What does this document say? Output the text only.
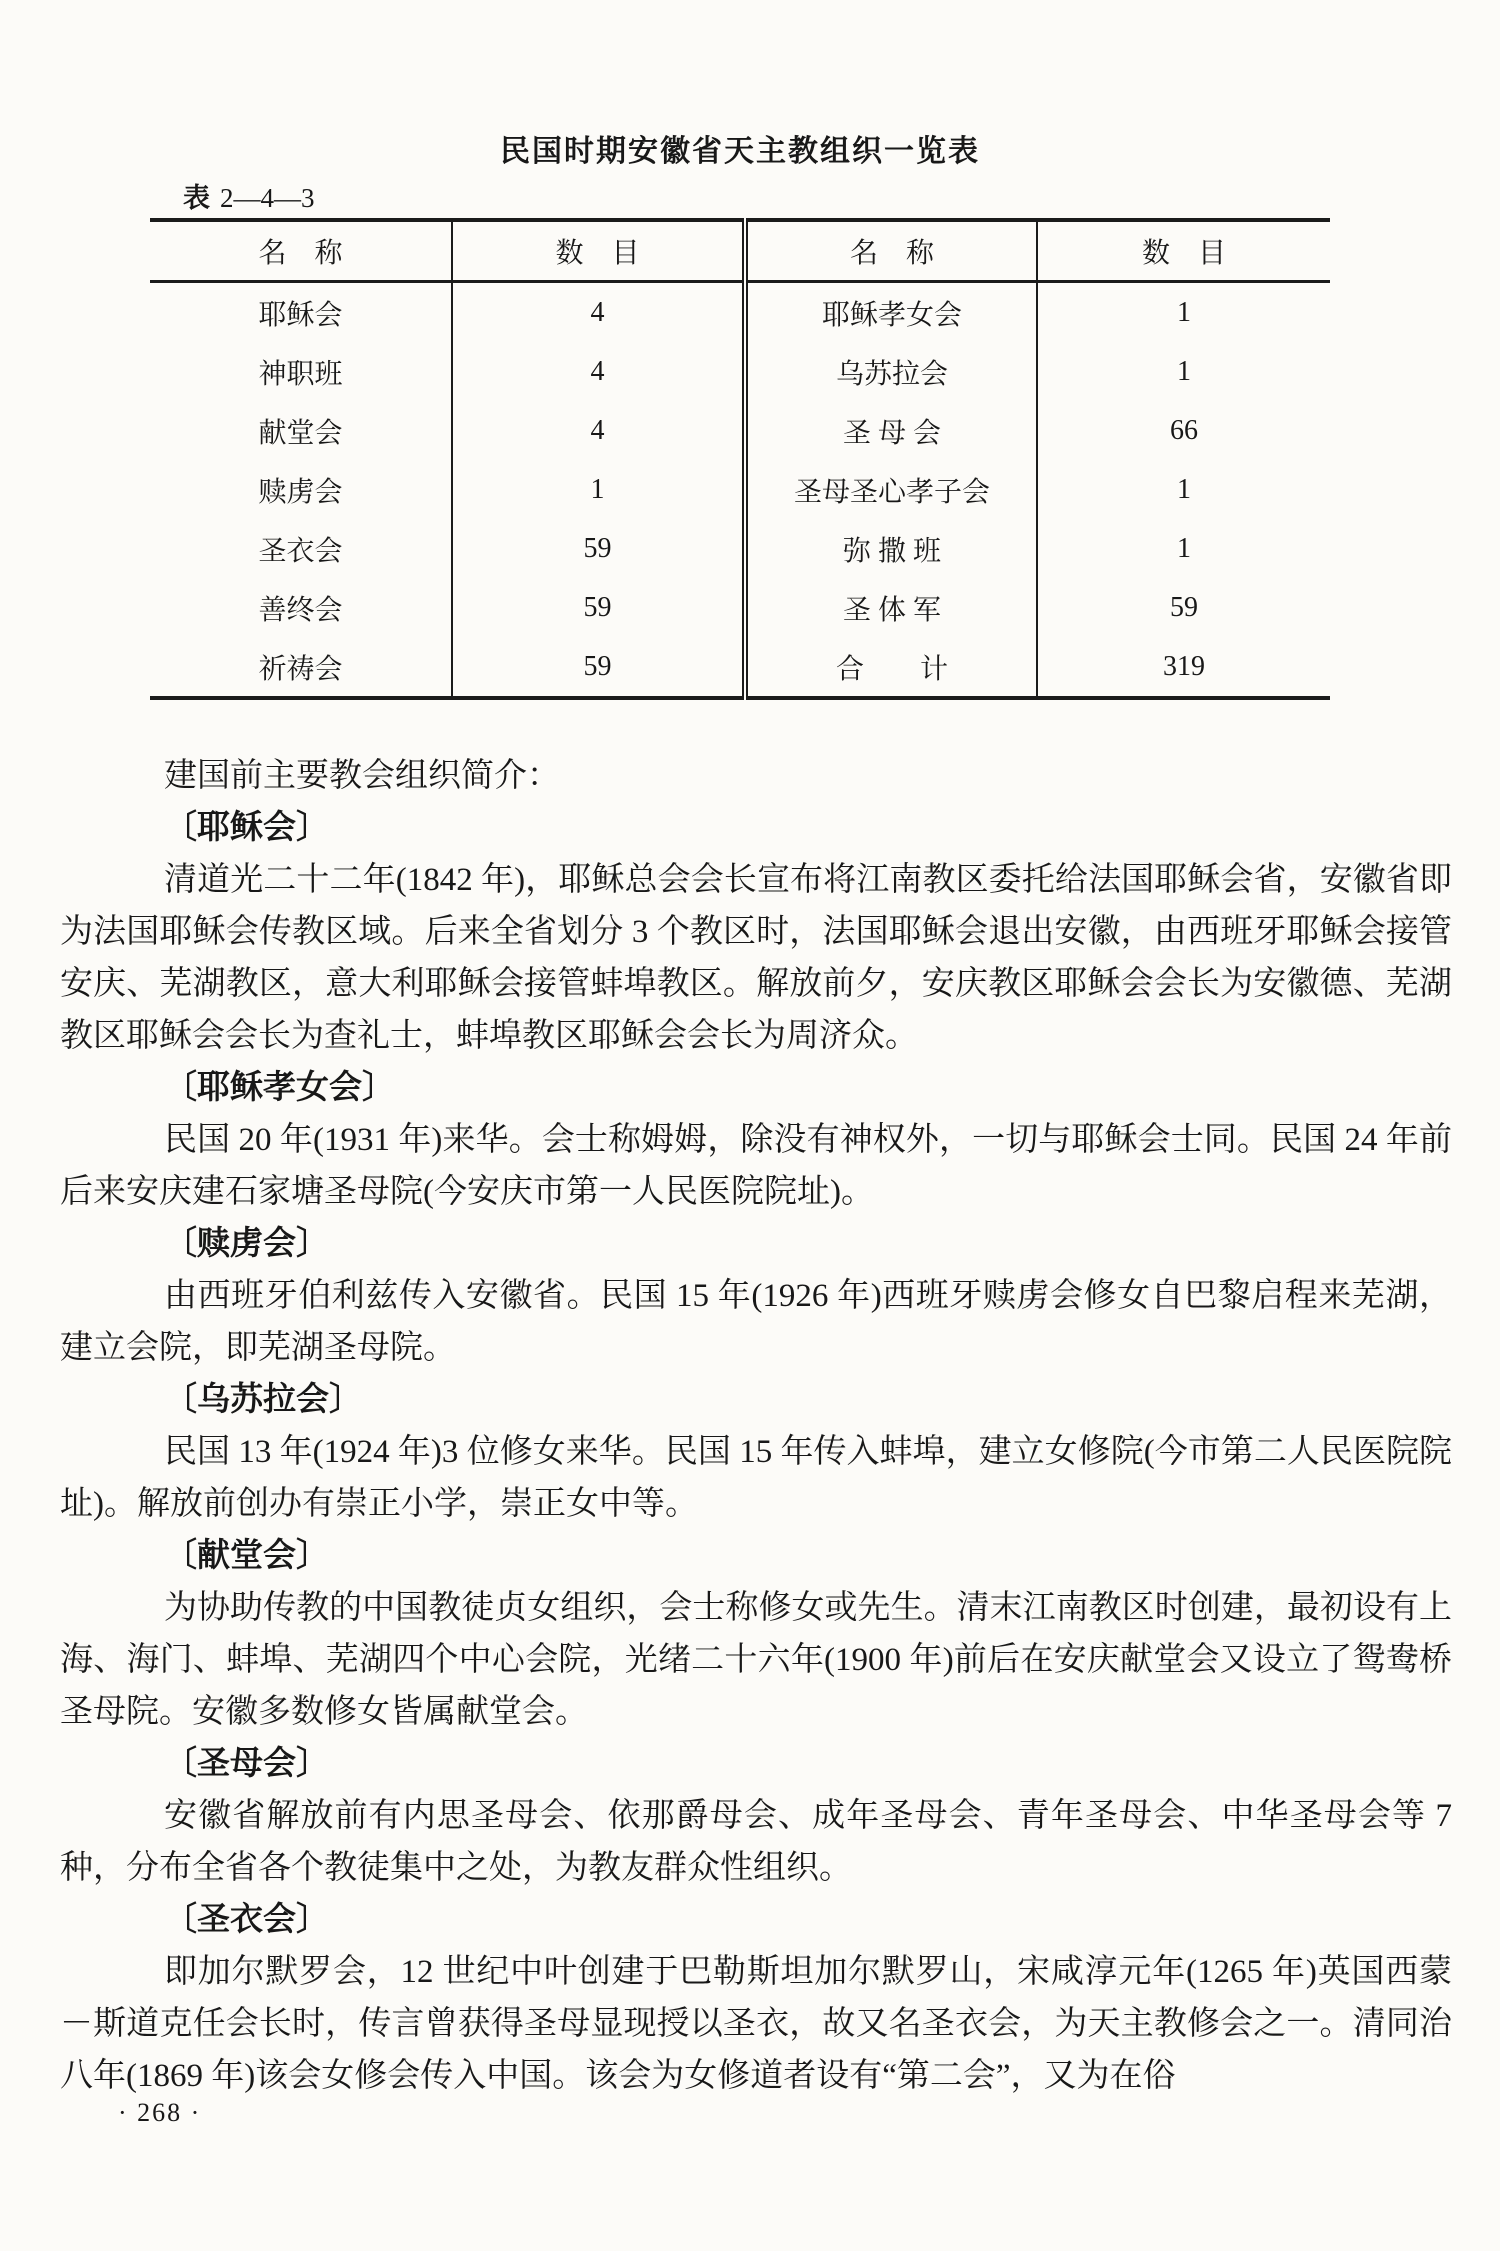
民国时期安徽省天主教组织一览表
表 2—4—3
名　称	数　目	名　称	数　目
耶稣会	4	耶稣孝女会	1
神职班	4	乌苏拉会	1
献堂会	4	圣 母 会	66
赎虏会	1	圣母圣心孝子会	1
圣衣会	59	弥 撒 班	1
善终会	59	圣 体 军	59
祈祷会	59	合　　计	319

建国前主要教会组织简介：

〔耶稣会〕

清道光二十二年(1842 年)，耶稣总会会长宣布将江南教区委托给法国耶稣会省，安徽省即为法国耶稣会传教区域。后来全省划分 3 个教区时，法国耶稣会退出安徽，由西班牙耶稣会接管安庆、芜湖教区，意大利耶稣会接管蚌埠教区。解放前夕，安庆教区耶稣会会长为安徽德、芜湖教区耶稣会会长为查礼士，蚌埠教区耶稣会会长为周济众。

〔耶稣孝女会〕

民国 20 年(1931 年)来华。会士称姆姆，除没有神权外，一切与耶稣会士同。民国 24 年前后来安庆建石家塘圣母院(今安庆市第一人民医院院址)。

〔赎虏会〕

由西班牙伯利兹传入安徽省。民国 15 年(1926 年)西班牙赎虏会修女自巴黎启程来芜湖，建立会院，即芜湖圣母院。

〔乌苏拉会〕

民国 13 年(1924 年)3 位修女来华。民国 15 年传入蚌埠，建立女修院(今市第二人民医院院址)。解放前创办有崇正小学，崇正女中等。

〔献堂会〕

为协助传教的中国教徒贞女组织，会士称修女或先生。清末江南教区时创建，最初设有上海、海门、蚌埠、芜湖四个中心会院，光绪二十六年(1900 年)前后在安庆献堂会又设立了鸳鸯桥圣母院。安徽多数修女皆属献堂会。

〔圣母会〕

安徽省解放前有内思圣母会、依那爵母会、成年圣母会、青年圣母会、中华圣母会等 7 种，分布全省各个教徒集中之处，为教友群众性组织。

〔圣衣会〕

即加尔默罗会，12 世纪中叶创建于巴勒斯坦加尔默罗山，宋咸淳元年(1265 年)英国西蒙－斯道克任会长时，传言曾获得圣母显现授以圣衣，故又名圣衣会，为天主教修会之一。清同治八年(1869 年)该会女修会传入中国。该会为女修道者设有“第二会”，又为在俗

· 268 ·
